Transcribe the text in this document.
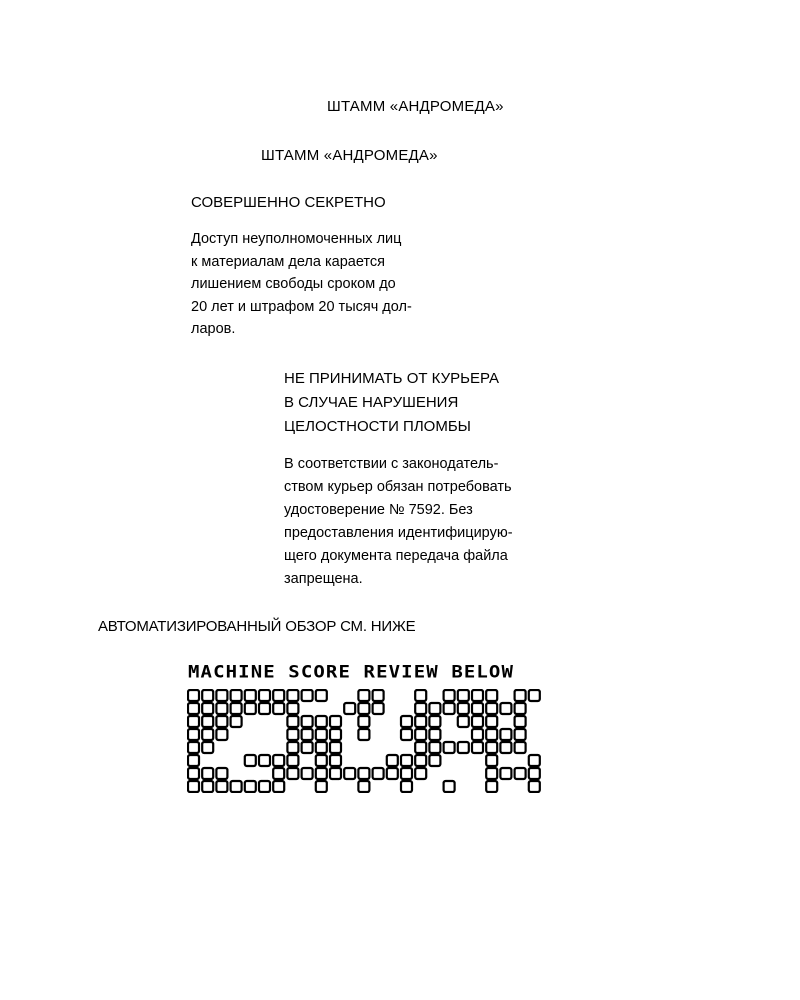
ШТАММ «АНДРОМЕДА»

ШТАММ «АНДРОМЕДА»

СОВЕРШЕННО СЕКРЕТНО

Доступ неуполномоченных лиц
к материалам дела карается
лишением свободы сроком до
20 лет и штрафом 20 тысяч дол-
ларов.
НЕ ПРИНИМАТЬ ОТ КУРЬЕРА
В СЛУЧАЕ НАРУШЕНИЯ
ЦЕЛОСТНОСТИ ПЛОМБЫ
В соответствии с законодатель-
ством курьер обязан потребовать
удостоверение № 7592. Без
предоставления идентифицирую-
щего документа передача файла
запрещена.

АВТОМАТИЗИРОВАННЫЙ ОБЗОР СМ. НИЖЕ

MACHINE SCORE REVIEW BELOW
